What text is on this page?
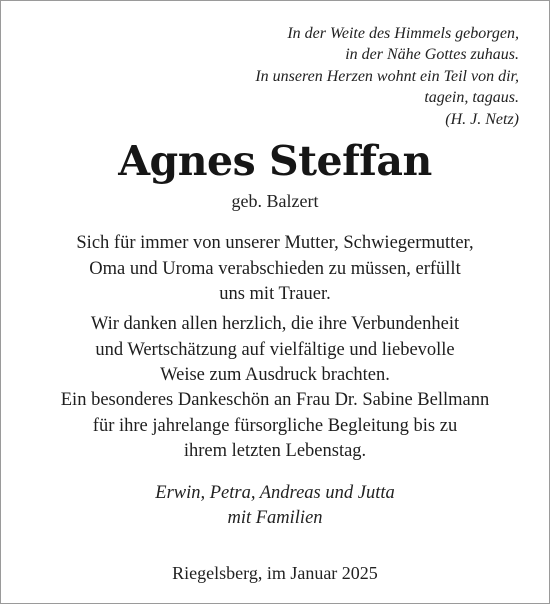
In der Weite des Himmels geborgen,
in der Nähe Gottes zuhaus.
In unseren Herzen wohnt ein Teil von dir,
tagein, tagaus.
(H. J. Netz)
Agnes Steffan
geb. Balzert
Sich für immer von unserer Mutter, Schwiegermutter,
Oma und Uroma verabschieden zu müssen, erfüllt
uns mit Trauer.
Wir danken allen herzlich, die ihre Verbundenheit
und Wertschätzung auf vielfältige und liebevolle
Weise zum Ausdruck brachten.
Ein besonderes Dankeschön an Frau Dr. Sabine Bellmann
für ihre jahrelange fürsorgliche Begleitung bis zu
ihrem letzten Lebenstag.
Erwin, Petra, Andreas und Jutta
mit Familien
Riegelsberg, im Januar 2025
